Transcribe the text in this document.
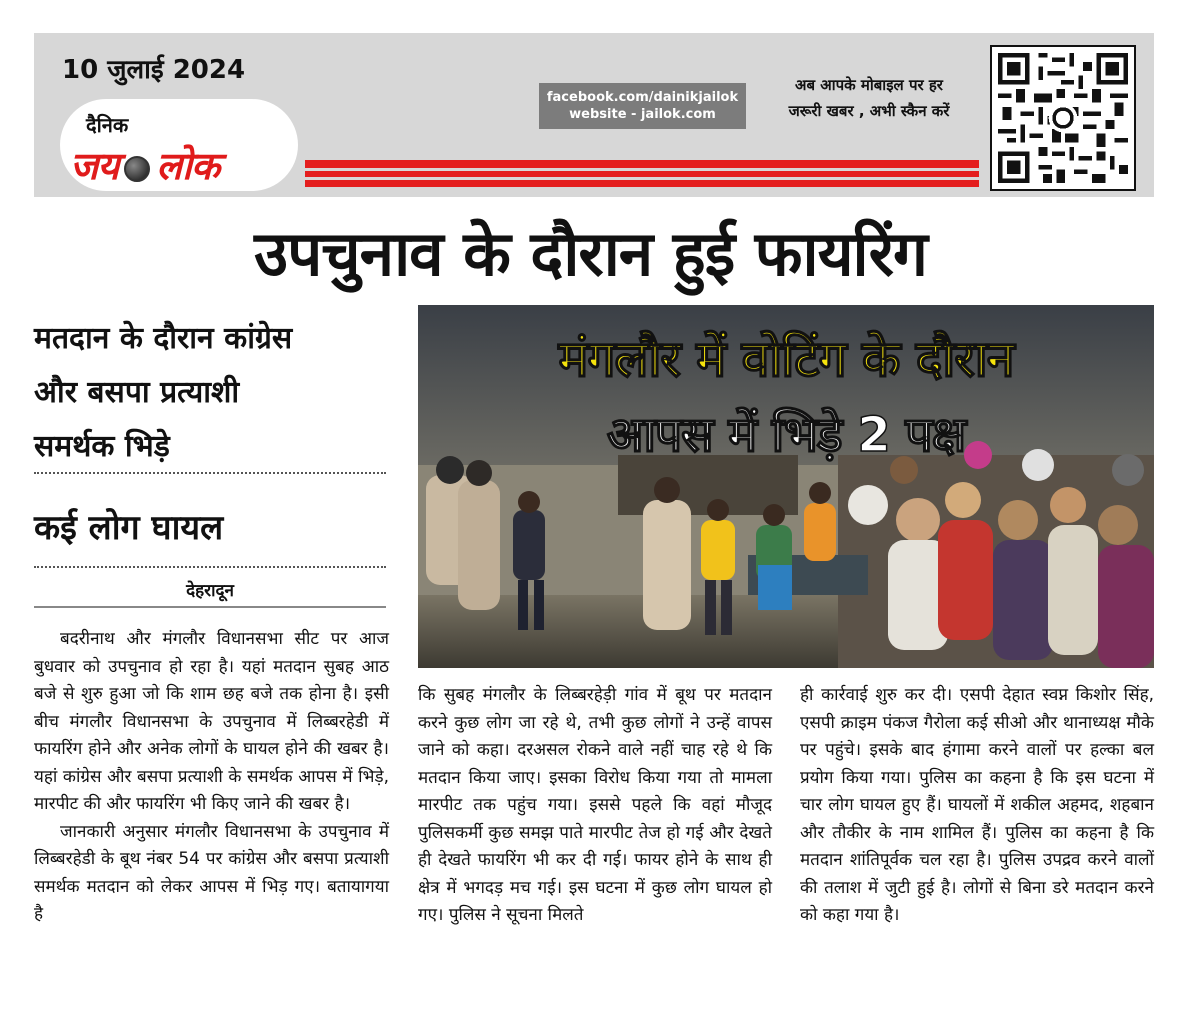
10 जुलाई 2024
दैनिक
जय लोक
facebook.com/dainikjailok
website - jailok.com
अब आपके मोबाइल पर हर
जरूरी खबर , अभी स्कैन करें
उपचुनाव के दौरान हुई फायरिंग
मतदान के दौरान कांग्रेस
और बसपा प्रत्याशी
समर्थक भिड़े
कई लोग घायल
देहरादून
मंगलौर में वोटिंग के दौरान
आपस में भिड़े 2 पक्ष

बदरीनाथ और मंगलौर विधानसभा सीट पर आज बुधवार को उपचुनाव हो रहा है। यहां मतदान सुबह आठ बजे से शुरु हुआ जो कि शाम छह बजे तक होना है। इसी बीच मंगलौर विधानसभा के उपचुनाव में लिब्बरहेडी में फायरिंग होने और अनेक लोगों के घायल होने की खबर है। यहां कांग्रेस और बसपा प्रत्याशी के समर्थक आपस में भिड़े, मारपीट की और फायरिंग भी किए जाने की खबर है।

जानकारी अनुसार मंगलौर विधानसभा के उपचुनाव में लिब्बरहेडी के बूथ नंबर 54 पर कांग्रेस और बसपा प्रत्याशी समर्थक मतदान को लेकर आपस में भिड़ गए। बतायागया है

कि सुबह मंगलौर के लिब्बरहेड़ी गांव में बूथ पर मतदान करने कुछ लोग जा रहे थे, तभी कुछ लोगों ने उन्हें वापस जाने को कहा। दरअसल रोकने वाले नहीं चाह रहे थे कि मतदान किया जाए। इसका विरोध किया गया तो मामला मारपीट तक पहुंच गया। इससे पहले कि वहां मौजूद पुलिसकर्मी कुछ समझ पाते मारपीट तेज हो गई और देखते ही देखते फायरिंग भी कर दी गई। फायर होने के साथ ही क्षेत्र में भगदड़ मच गई। इस घटना में कुछ लोग घायल हो गए। पुलिस ने सूचना मिलते

ही कार्रवाई शुरु कर दी। एसपी देहात स्वप्न किशोर सिंह, एसपी क्राइम पंकज गैरोला कई सीओ और थानाध्यक्ष मौके पर पहुंचे। इसके बाद हंगामा करने वालों पर हल्का बल प्रयोग किया गया। पुलिस का कहना है कि इस घटना में चार लोग घायल हुए हैं। घायलों में शकील अहमद, शहबान और तौकीर के नाम शामिल हैं। पुलिस का कहना है कि मतदान शांतिपूर्वक चल रहा है। पुलिस उपद्रव करने वालों की तलाश में जुटी हुई है। लोगों से बिना डरे मतदान करने को कहा गया है।
